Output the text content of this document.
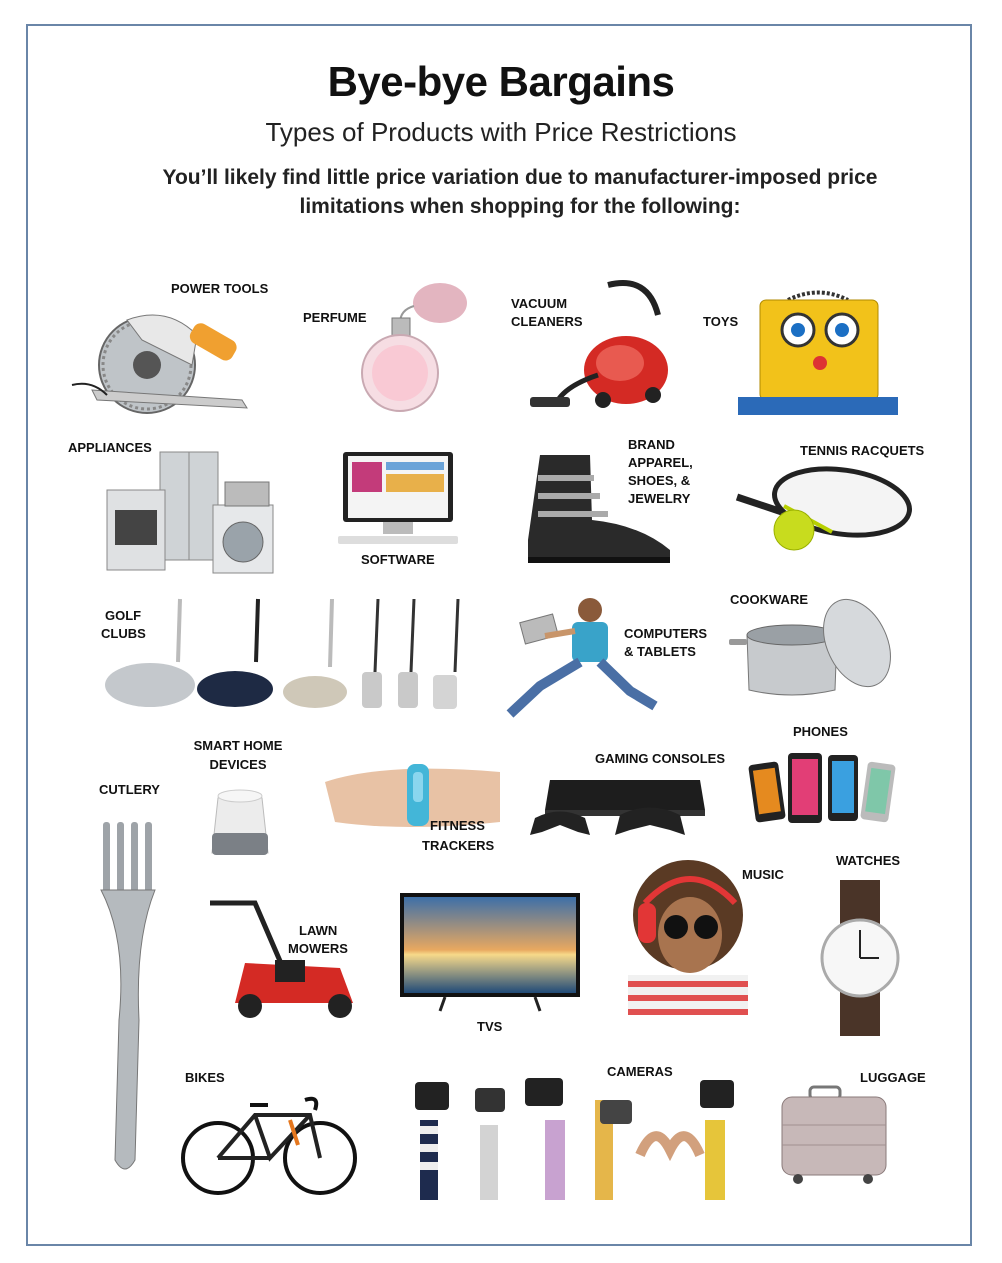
Bye-bye Bargains
Types of Products with Price Restrictions
You’ll likely find little price variation due to manufacturer-imposed price limitations when shopping for the following:
POWER TOOLS
PERFUME
VACUUM
CLEANERS	TOYS
APPLIANCES
SOFTWARE
BRAND
APPAREL,
SHOES, &
JEWELRY
TENNIS RACQUETS
GOLF
CLUBS	COMPUTERS
& TABLETS
COOKWARE
SMART HOME
DEVICES
CUTLERY
FITNESS
TRACKERS
GAMING CONSOLES
PHONES
MUSIC
WATCHES
LAWN
MOWERS
TVS
BIKES	CAMERAS	LUGGAGE
